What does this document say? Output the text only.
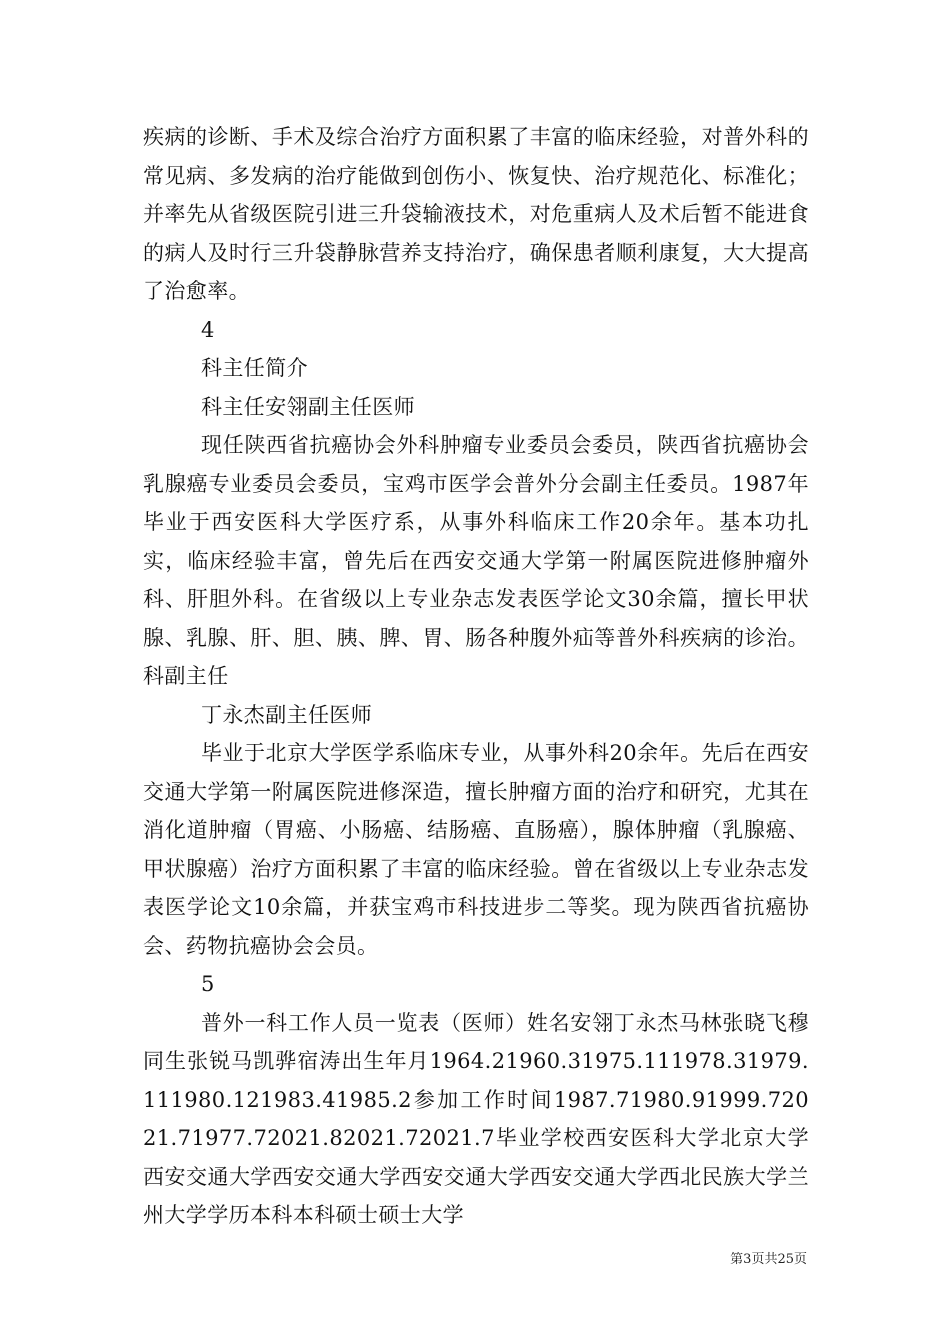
疾病的诊断、手术及综合治疗方面积累了丰富的临床经验，对普外科的常见病、多发病的治疗能做到创伤小、恢复快、治疗规范化、标准化；并率先从省级医院引进三升袋输液技术，对危重病人及术后暂不能进食的病人及时行三升袋静脉营养支持治疗，确保患者顺利康复，大大提高了治愈率。

4

科主任简介

科主任安翎副主任医师

现任陕西省抗癌协会外科肿瘤专业委员会委员，陕西省抗癌协会乳腺癌专业委员会委员，宝鸡市医学会普外分会副主任委员。1987年毕业于西安医科大学医疗系，从事外科临床工作20余年。基本功扎实，临床经验丰富，曾先后在西安交通大学第一附属医院进修肿瘤外科、肝胆外科。在省级以上专业杂志发表医学论文30余篇，擅长甲状腺、乳腺、肝、胆、胰、脾、胃、肠各种腹外疝等普外科疾病的诊治。科副主任

丁永杰副主任医师

毕业于北京大学医学系临床专业，从事外科20余年。先后在西安交通大学第一附属医院进修深造，擅长肿瘤方面的治疗和研究，尤其在消化道肿瘤（胃癌、小肠癌、结肠癌、直肠癌），腺体肿瘤（乳腺癌、甲状腺癌）治疗方面积累了丰富的临床经验。曾在省级以上专业杂志发表医学论文10余篇，并获宝鸡市科技进步二等奖。现为陕西省抗癌协会、药物抗癌协会会员。

5

普外一科工作人员一览表（医师）姓名安翎丁永杰马林张晓飞穆同生张锐马凯骅宿涛出生年月1964.21960.31975.111978.31979.111980.121983.41985.2参加工作时间1987.71980.91999.72021.71977.72021.82021.72021.7毕业学校西安医科大学北京大学西安交通大学西安交通大学西安交通大学西安交通大学西北民族大学兰州大学学历本科本科硕士硕士大学

第3页共25页
